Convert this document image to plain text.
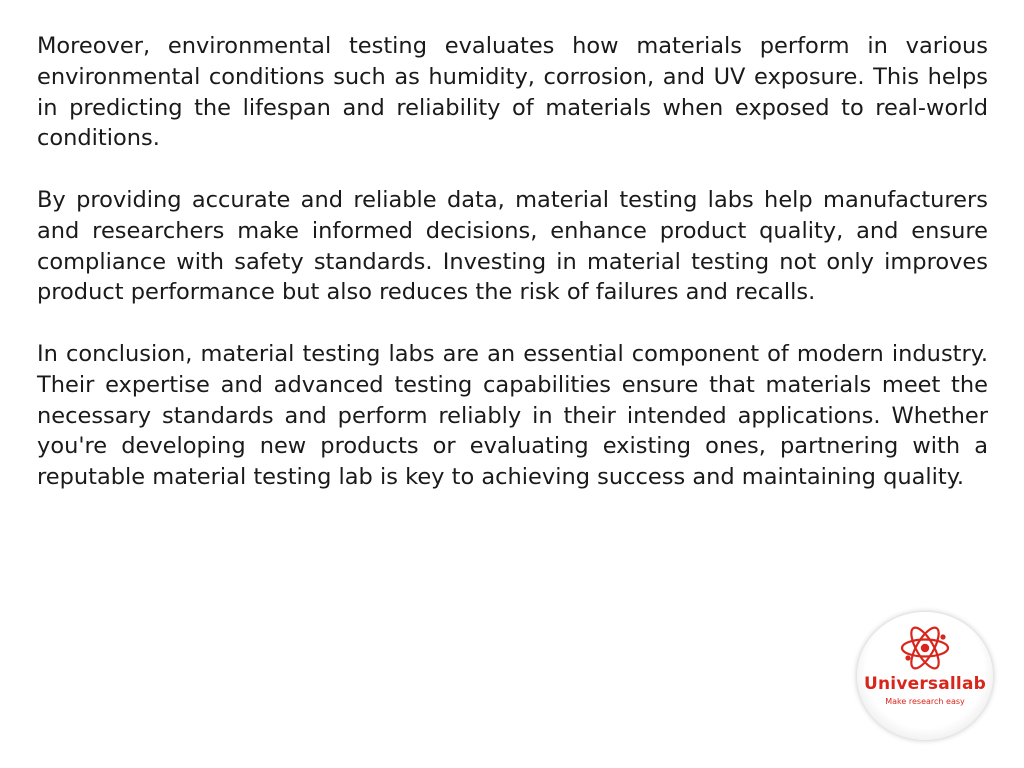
Moreover, environmental testing evaluates how materials perform in various environmental conditions such as humidity, corrosion, and UV exposure. This helps in predicting the lifespan and reliability of materials when exposed to real-world conditions.

By providing accurate and reliable data, material testing labs help manufacturers and researchers make informed decisions, enhance product quality, and ensure compliance with safety standards. Investing in material testing not only improves product performance but also reduces the risk of failures and recalls.

In conclusion, material testing labs are an essential component of modern industry. Their expertise and advanced testing capabilities ensure that materials meet the necessary standards and perform reliably in their intended applications. Whether you're developing new products or evaluating existing ones, partnering with a reputable material testing lab is key to achieving success and maintaining quality.

Universallab
Make research easy
